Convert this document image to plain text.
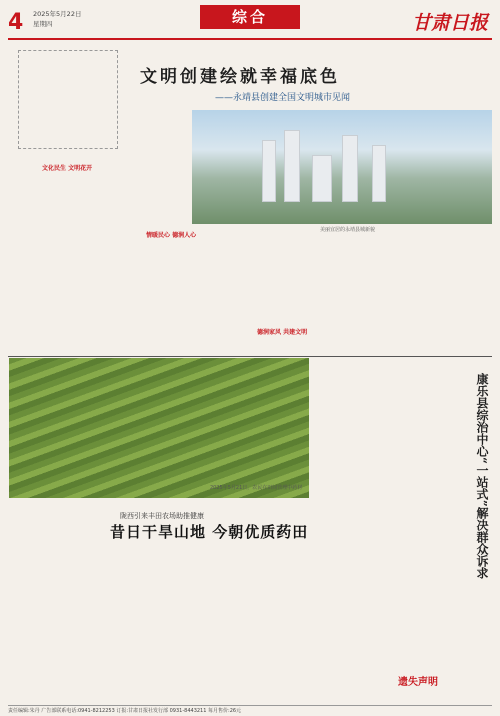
4 2025年5月22日
星期四	综合	甘肃日报
文化民生 文明花开
文明创建绘就幸福底色
——永靖县创建全国文明城市见闻
美丽宜居的永靖县城新貌
情暖民心 德润人心
德润家风 共建文明
2025年5月21日，农民在田间管理中药材
陇西引来丰田农场助推健康
昔日干旱山地 今朝优质药田	康乐县综治中心“一站式”解决群众诉求
遗失声明
责任编辑:朱丹 广告部联系电话:0941-8212253 订报:甘肃日报社发行部 0931-8443211 每月售价:26元
